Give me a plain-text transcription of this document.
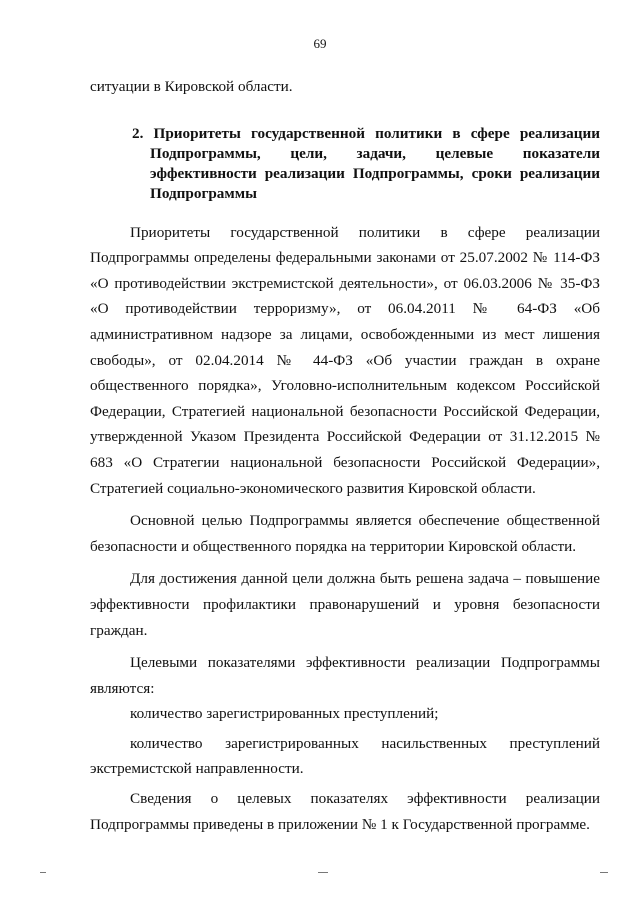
69

ситуации в Кировской области.

2. Приоритеты государственной политики в сфере реализации Подпрограммы, цели, задачи, целевые показатели эффективности реализации Подпрограммы, сроки реализации Подпрограммы

Приоритеты государственной политики в сфере реализации Подпрограммы определены федеральными законами от 25.07.2002 № 114-ФЗ «О противодействии экстремистской деятельности», от 06.03.2006 № 35-ФЗ «О противодействии терроризму», от 06.04.2011 № 64-ФЗ «Об административном надзоре за лицами, освобожденными из мест лишения свободы», от 02.04.2014 № 44-ФЗ «Об участии граждан в охране общественного порядка», Уголовно-исполнительным кодексом Российской Федерации, Стратегией национальной безопасности Российской Федерации, утвержденной Указом Президента Российской Федерации от 31.12.2015 № 683 «О Стратегии национальной безопасности Российской Федерации», Стратегией социально-экономического развития Кировской области.

Основной целью Подпрограммы является обеспечение общественной безопасности и общественного порядка на территории Кировской области.

Для достижения данной цели должна быть решена задача – повышение эффективности профилактики правонарушений и уровня безопасности граждан.

Целевыми показателями эффективности реализации Подпрограммы являются:

количество зарегистрированных преступлений;

количество зарегистрированных насильственных преступлений экстремистской направленности.

Сведения о целевых показателях эффективности реализации Подпрограммы приведены в приложении № 1 к Государственной программе.
